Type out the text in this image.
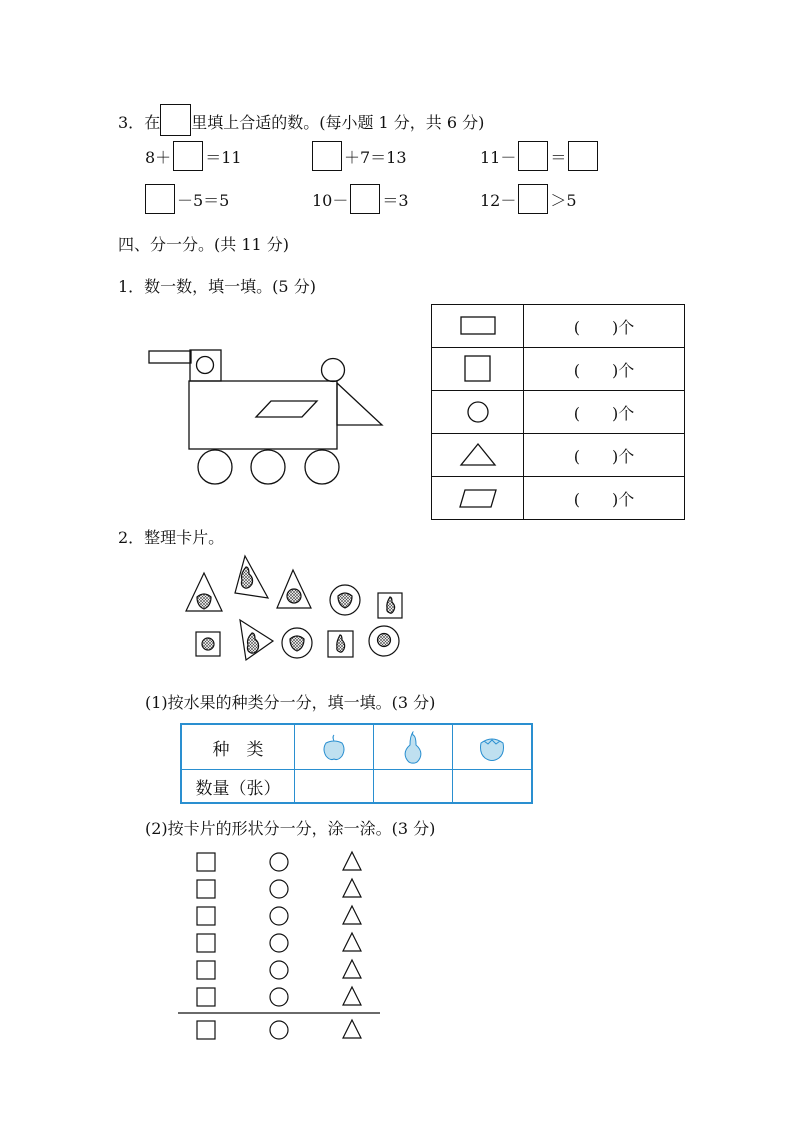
3．在 里填上合适的数。(每小题 1 分，共 6 分)
8＋ ＝11	＋7＝13	11－ ＝
－5＝5	10－ ＝3	12－ ＞5
四、分一分。(共 11 分)
1．数一数，填一填。(5 分)
	(　　)个

	(　　)个

	(　　)个

	(　　)个

	(　　)个
2．整理卡片。
(1)按水果的种类分一分，填一填。(3 分)
种　类	

数量（张）			
(2)按卡片的形状分一分，涂一涂。(3 分)
